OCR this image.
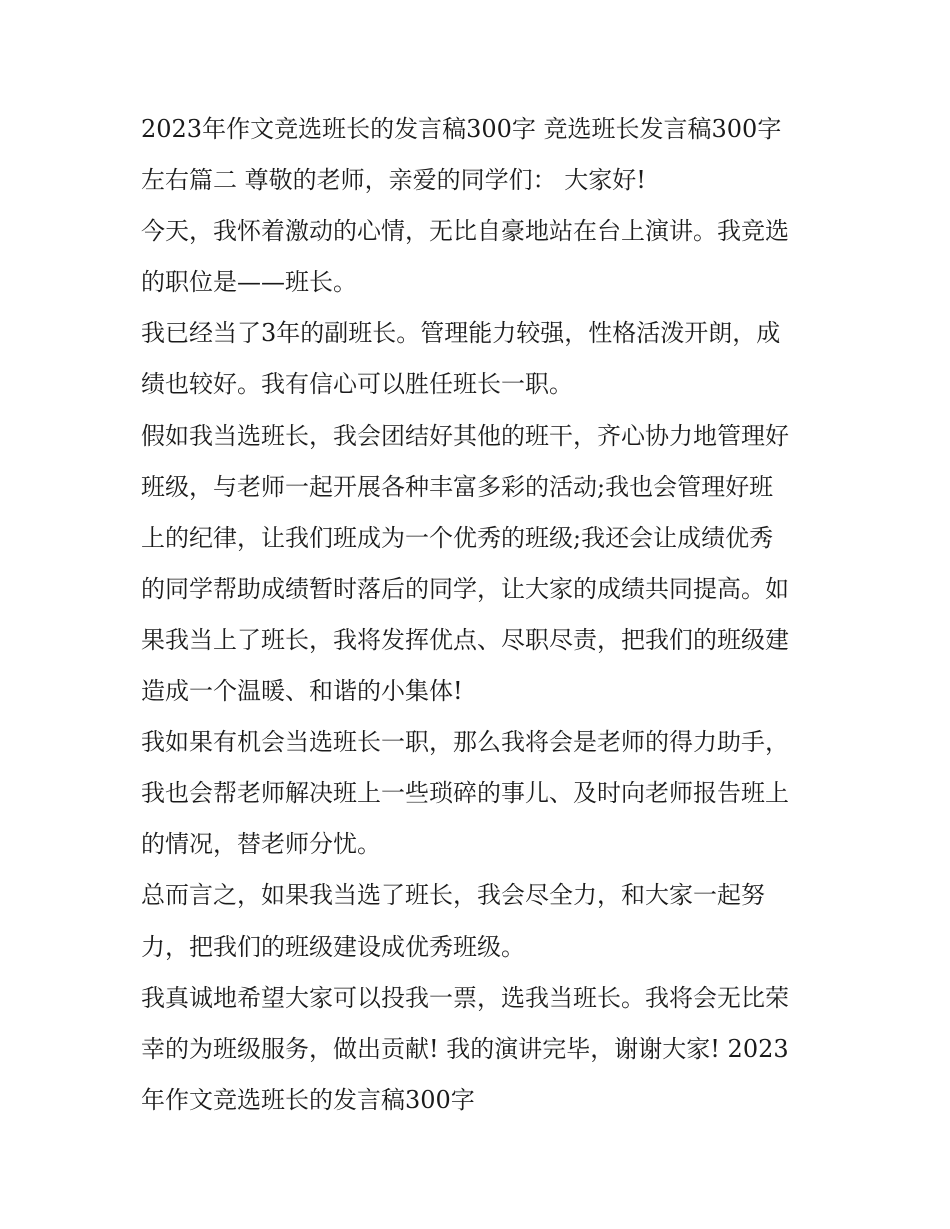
2023年作文竞选班长的发言稿300字 竞选班长发言稿300字
左右篇二 尊敬的老师，亲爱的同学们： 大家好!
今天，我怀着激动的心情，无比自豪地站在台上演讲。我竞选
的职位是——班长。
我已经当了3年的副班长。管理能力较强，性格活泼开朗，成
绩也较好。我有信心可以胜任班长一职。
假如我当选班长，我会团结好其他的班干，齐心协力地管理好
班级，与老师一起开展各种丰富多彩的活动;我也会管理好班
上的纪律，让我们班成为一个优秀的班级;我还会让成绩优秀
的同学帮助成绩暂时落后的同学，让大家的成绩共同提高。如
果我当上了班长，我将发挥优点、尽职尽责，把我们的班级建
造成一个温暖、和谐的小集体!
我如果有机会当选班长一职，那么我将会是老师的得力助手，
我也会帮老师解决班上一些琐碎的事儿、及时向老师报告班上
的情况，替老师分忧。
总而言之，如果我当选了班长，我会尽全力，和大家一起努
力，把我们的班级建设成优秀班级。
我真诚地希望大家可以投我一票，选我当班长。我将会无比荣
幸的为班级服务，做出贡献! 我的演讲完毕，谢谢大家! 2023
年作文竞选班长的发言稿300字
